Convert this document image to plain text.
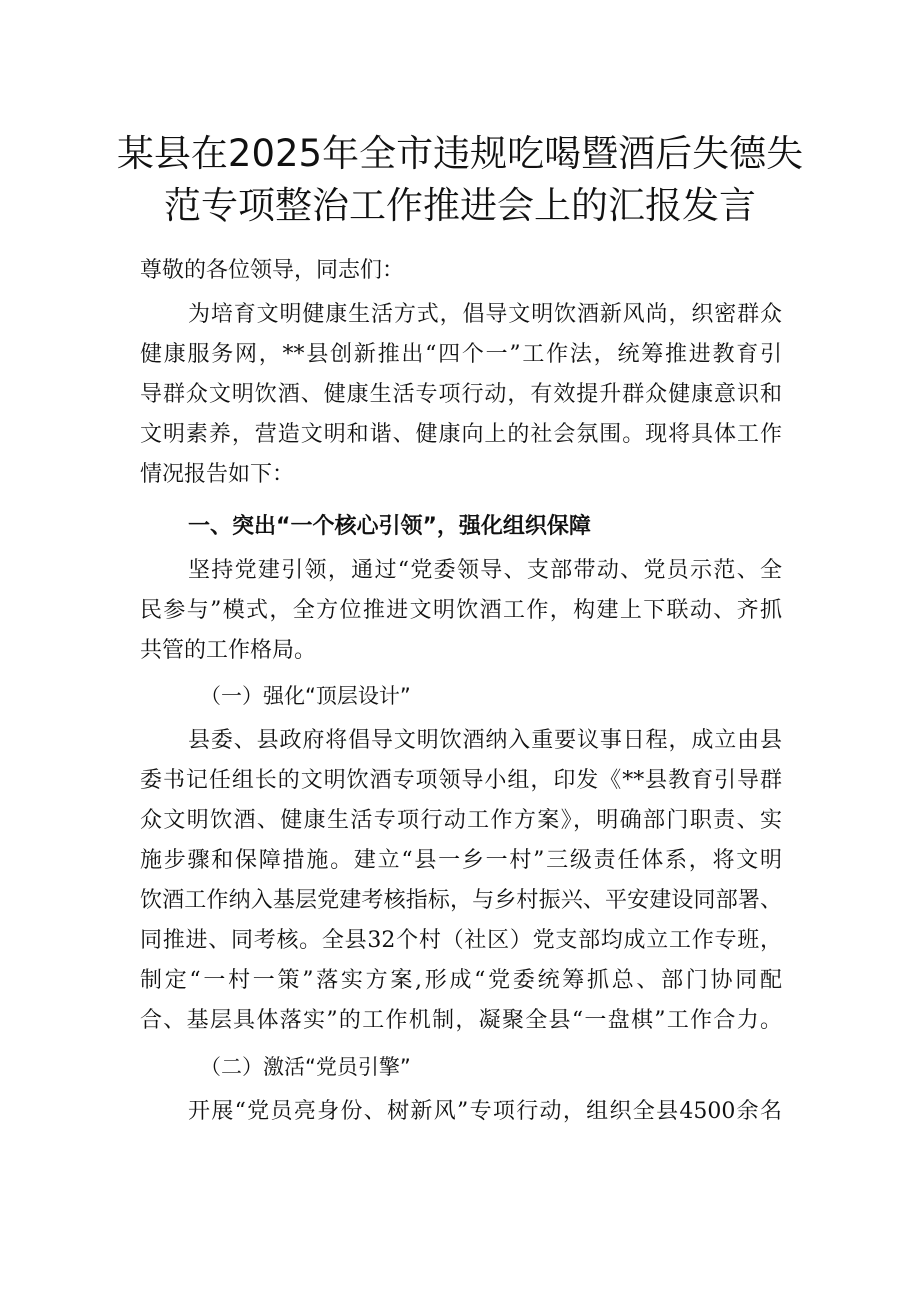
某县在2025年全市违规吃喝暨酒后失德失
范专项整治工作推进会上的汇报发言

尊敬的各位领导，同志们：

为培育文明健康生活方式，倡导文明饮酒新风尚，织密群众

健康服务网，**县创新推出“四个一”工作法，统筹推进教育引

导群众文明饮酒、健康生活专项行动，有效提升群众健康意识和

文明素养，营造文明和谐、健康向上的社会氛围。现将具体工作

情况报告如下：

一、突出“一个核心引领”，强化组织保障

坚持党建引领，通过“党委领导、支部带动、党员示范、全

民参与”模式，全方位推进文明饮酒工作，构建上下联动、齐抓

共管的工作格局。

（一）强化“顶层设计”

县委、县政府将倡导文明饮酒纳入重要议事日程，成立由县

委书记任组长的文明饮酒专项领导小组，印发《**县教育引导群

众文明饮酒、健康生活专项行动工作方案》，明确部门职责、实

施步骤和保障措施。建立“县一乡一村”三级责任体系，将文明

饮酒工作纳入基层党建考核指标，与乡村振兴、平安建设同部署、

同推进、同考核。全县32个村（社区）党支部均成立工作专班，

制定“一村一策”落实方案,形成“党委统筹抓总、部门协同配

合、基层具体落实”的工作机制，凝聚全县“一盘棋”工作合力。

（二）激活“党员引擎”

开展“党员亮身份、树新风”专项行动，组织全县4500余名
